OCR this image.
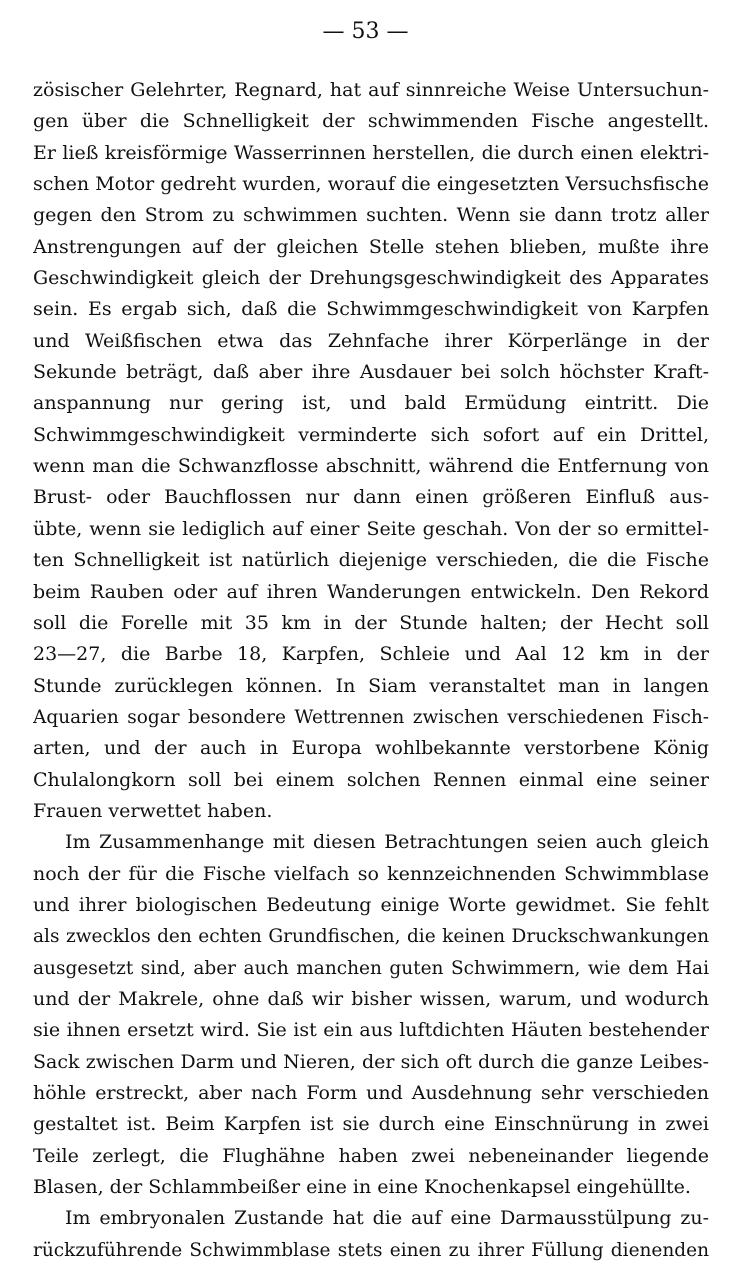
— 53 —
zösischer Gelehrter, Regnard, hat auf sinnreiche Weise Untersuchun-
gen über die Schnelligkeit der schwimmenden Fische angestellt.
Er ließ kreisförmige Wasserrinnen herstellen, die durch einen elektri-
schen Motor gedreht wurden, worauf die eingesetzten Versuchsfische
gegen den Strom zu schwimmen suchten. Wenn sie dann trotz aller
Anstrengungen auf der gleichen Stelle stehen blieben, mußte ihre
Geschwindigkeit gleich der Drehungsgeschwindigkeit des Apparates
sein. Es ergab sich, daß die Schwimmgeschwindigkeit von Karpfen
und Weißfischen etwa das Zehnfache ihrer Körperlänge in der
Sekunde beträgt, daß aber ihre Ausdauer bei solch höchster Kraft-
anspannung nur gering ist, und bald Ermüdung eintritt. Die
Schwimmgeschwindigkeit verminderte sich sofort auf ein Drittel,
wenn man die Schwanzflosse abschnitt, während die Entfernung von
Brust- oder Bauchflossen nur dann einen größeren Einfluß aus-
übte, wenn sie lediglich auf einer Seite geschah. Von der so ermittel-
ten Schnelligkeit ist natürlich diejenige verschieden, die die Fische
beim Rauben oder auf ihren Wanderungen entwickeln. Den Rekord
soll die Forelle mit 35 km in der Stunde halten; der Hecht soll
23—27, die Barbe 18, Karpfen, Schleie und Aal 12 km in der
Stunde zurücklegen können. In Siam veranstaltet man in langen
Aquarien sogar besondere Wettrennen zwischen verschiedenen Fisch-
arten, und der auch in Europa wohlbekannte verstorbene König
Chulalongkorn soll bei einem solchen Rennen einmal eine seiner
Frauen verwettet haben.
Im Zusammenhange mit diesen Betrachtungen seien auch gleich
noch der für die Fische vielfach so kennzeichnenden Schwimmblase
und ihrer biologischen Bedeutung einige Worte gewidmet. Sie fehlt
als zwecklos den echten Grundfischen, die keinen Druckschwankungen
ausgesetzt sind, aber auch manchen guten Schwimmern, wie dem Hai
und der Makrele, ohne daß wir bisher wissen, warum, und wodurch
sie ihnen ersetzt wird. Sie ist ein aus luftdichten Häuten bestehender
Sack zwischen Darm und Nieren, der sich oft durch die ganze Leibes-
höhle erstreckt, aber nach Form und Ausdehnung sehr verschieden
gestaltet ist. Beim Karpfen ist sie durch eine Einschnürung in zwei
Teile zerlegt, die Flughähne haben zwei nebeneinander liegende
Blasen, der Schlammbeißer eine in eine Knochenkapsel eingehüllte.
Im embryonalen Zustande hat die auf eine Darmausstülpung zu-
rückzuführende Schwimmblase stets einen zu ihrer Füllung dienenden
